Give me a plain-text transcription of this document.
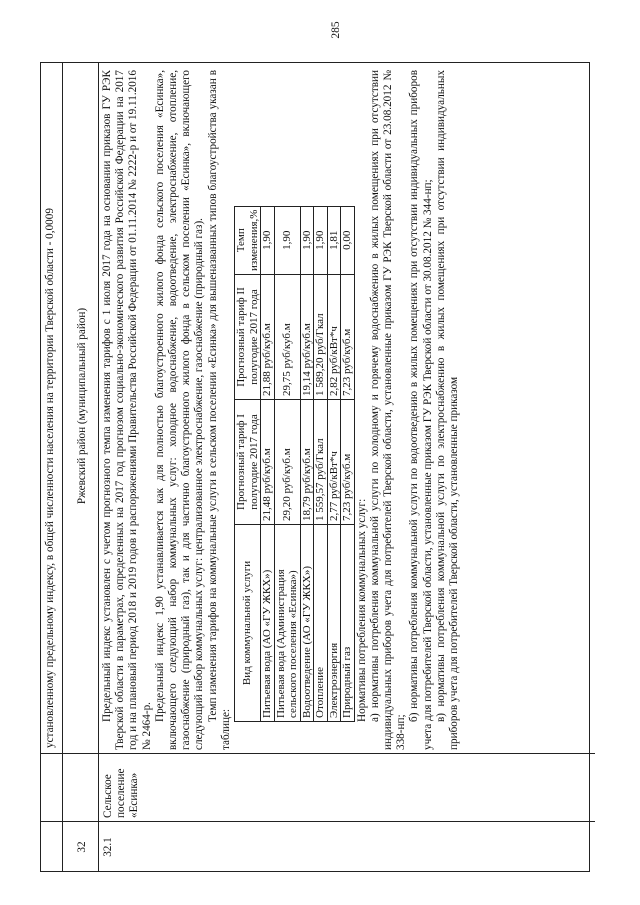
285
установленному предельному индексу, в общей численности населения на территории Тверской области - 0,0009
32
Ржевский район (муниципальный район)
32.1
Сельское поселение «Есинка»

Предельный индекс установлен с учетом прогнозного темпа изменения тарифов с 1 июля 2017 года на основании приказов ГУ РЭК Тверской области в параметрах, определенных на 2017 год прогнозом социально-экономического развития Российской Федерации на 2017 год и на плановый период 2018 и 2019 годов и распоряжениями Правительства Российской Федерации от 01.11.2014 № 2222-р и от 19.11.2016 № 2464-р.

Предельный индекс 1,90 устанавливается как для полностью благоустроенного жилого фонда сельского поселения «Есинка», включающего следующий набор коммунальных услуг: холодное водоснабжение, водоотведение, электроснабжение, отопление, газоснабжение (природный газ), так и для частично благоустроенного жилого фонда в сельском поселении «Есинка», включающего следующий набор коммунальных услуг: централизованное электроснабжение, газоснабжение (природный газ). Темп изменения тарифов на коммунальные услуги в сельском поселении «Есинка» для вышеназванных типов благоустройства указан в таблице:

Вид коммунальной услуги	Прогнозный тариф I полугодие 2017 года	Прогнозный тариф II полугодие 2017 года	Темп изменения,%
Питьевая вода (АО «ГУ ЖКХ»)	21,48 руб/куб.м	21,88 руб/куб.м	1,90
Питьевая вода (Администрация сельского поселения «Есинка»)	29,20 руб/куб.м	29,75 руб/куб.м	1,90
Водоотведение (АО «ГУ ЖКХ»)	18,79 руб/куб.м	19,14 руб/куб.м	1,90
Отопление	1 559,57 руб/Гкал	1 589,20 руб/Гкал	1,90
Электроэнергия	2,77 руб/кВт*ч	2,82 руб/кВт*ч	1,81
Природный газ	7,23 руб/куб.м	7,23 руб/куб.м	0,00

Нормативы потребления коммунальных услуг: а) нормативы потребления коммунальной услуги по холодному и горячему водоснабжению в жилых помещениях при отсутствии индивидуальных приборов учета для потребителей Тверской области, установленные приказом ГУ РЭК Тверской области от 23.08.2012 № 338-нп;

б) нормативы потребления коммунальной услуги по водоотведению в жилых помещениях при отсутствии индивидуальных приборов учета для потребителей Тверской области, установленные приказом ГУ РЭК Тверской области от 30.08.2012 № 344-нп; в) нормативы потребления коммунальной услуги по электроснабжению в жилых помещениях при отсутствии индивидуальных приборов учета для потребителей Тверской области, установленные приказом
